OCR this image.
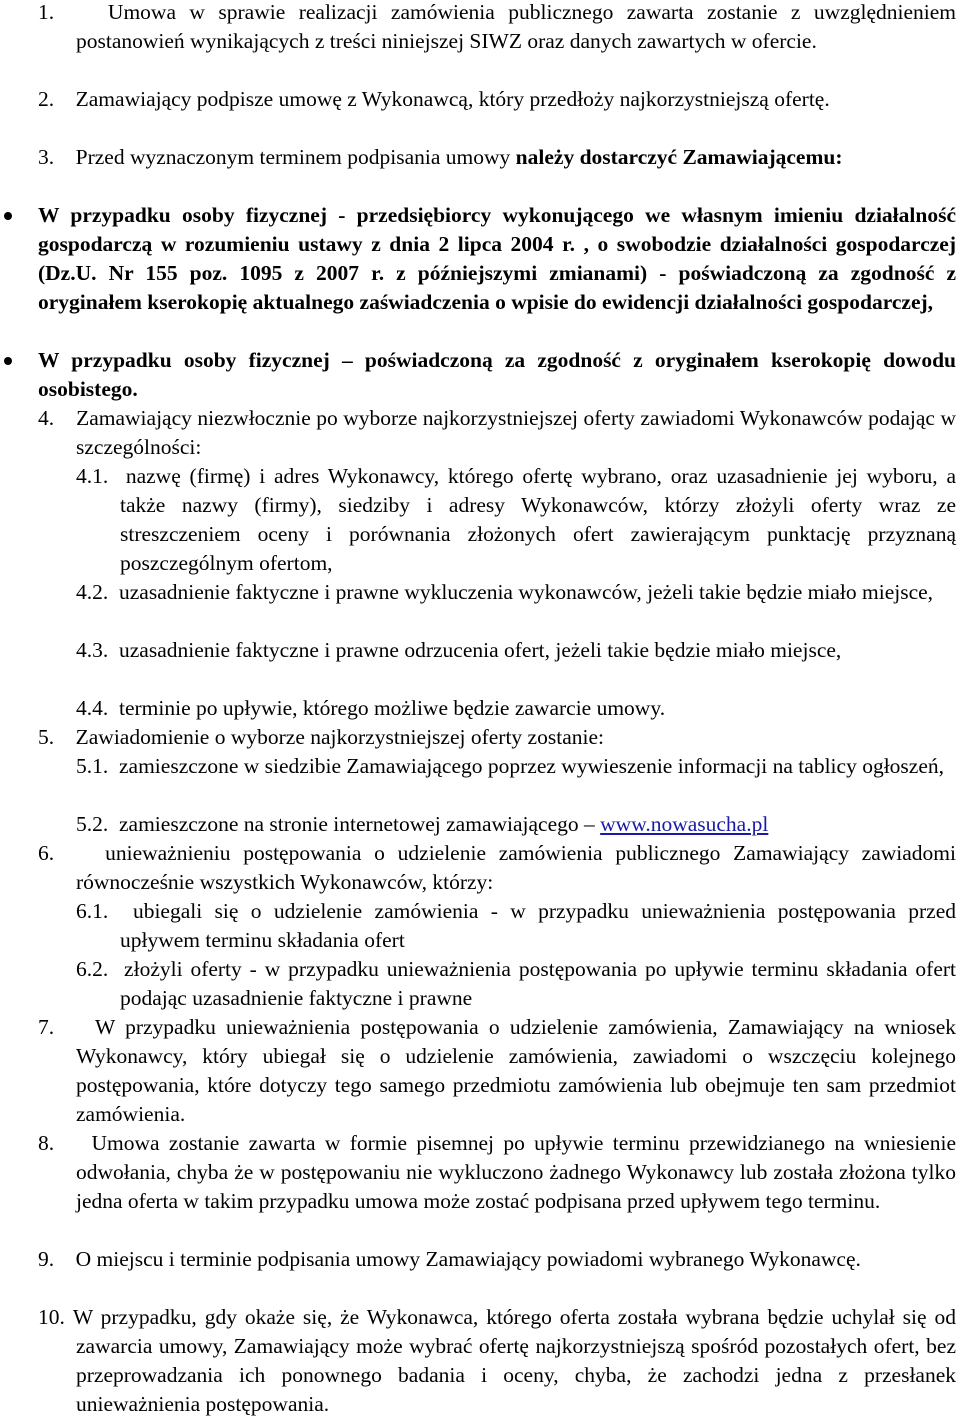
1.	Umowa w sprawie realizacji zamówienia publicznego zawarta zostanie z uwzględnieniem postanowień wynikających z treści niniejszej SIWZ oraz danych zawartych w ofercie.

2. Zamawiający podpisze umowę z Wykonawcą, który przedłoży najkorzystniejszą ofertę.

3. Przed wyznaczonym terminem podpisania umowy należy dostarczyć Zamawiającemu:

W przypadku osoby fizycznej - przedsiębiorcy wykonującego we własnym imieniu działalność gospodarczą w rozumieniu ustawy z dnia 2 lipca 2004 r. , o swobodzie działalności gospodarczej (Dz.U. Nr 155 poz. 1095 z 2007 r. z późniejszymi zmianami) - poświadczoną za zgodność z oryginałem kserokopię aktualnego zaświadczenia o wpisie do ewidencji działalności gospodarczej,
W przypadku osoby fizycznej – poświadczoną za zgodność z oryginałem kserokopię dowodu osobistego.

4. Zamawiający niezwłocznie po wyborze najkorzystniejszej oferty zawiadomi Wykonawców podając w szczególności:

4.1. nazwę (firmę) i adres Wykonawcy, którego ofertę wybrano, oraz uzasadnienie jej wyboru, a także nazwy (firmy), siedziby i adresy Wykonawców, którzy złożyli oferty wraz ze streszczeniem oceny i porównania złożonych ofert zawierającym punktację przyznaną poszczególnym ofertom,

4.2. uzasadnienie faktyczne i prawne wykluczenia wykonawców, jeżeli takie będzie miało miejsce,

4.3. uzasadnienie faktyczne i prawne odrzucenia ofert, jeżeli takie będzie miało miejsce,

4.4. terminie po upływie, którego możliwe będzie zawarcie umowy.

5. Zawiadomienie o wyborze najkorzystniejszej oferty zostanie:

5.1. zamieszczone w siedzibie Zamawiającego poprzez wywieszenie informacji na tablicy ogłoszeń,

5.2. zamieszczone na stronie internetowej zamawiającego – www.nowasucha.pl

6. unieważnieniu postępowania o udzielenie zamówienia publicznego Zamawiający zawiadomi równocześnie wszystkich Wykonawców, którzy:

6.1. ubiegali się o udzielenie zamówienia - w przypadku unieważnienia postępowania przed upływem terminu składania ofert

6.2. złożyli oferty - w przypadku unieważnienia postępowania po upływie terminu składania ofert podając uzasadnienie faktyczne i prawne

7. W przypadku unieważnienia postępowania o udzielenie zamówienia, Zamawiający na wniosek Wykonawcy, który ubiegał się o udzielenie zamówienia, zawiadomi o wszczęciu kolejnego postępowania, które dotyczy tego samego przedmiotu zamówienia lub obejmuje ten sam przedmiot zamówienia.

8. Umowa zostanie zawarta w formie pisemnej po upływie terminu przewidzianego na wniesienie odwołania, chyba że w postępowaniu nie wykluczono żadnego Wykonawcy lub została złożona tylko jedna oferta w takim przypadku umowa może zostać podpisana przed upływem tego terminu.

9. O miejscu i terminie podpisania umowy Zamawiający powiadomi wybranego Wykonawcę.

10. W przypadku, gdy okaże się, że Wykonawca, którego oferta została wybrana będzie uchylał się od zawarcia umowy, Zamawiający może wybrać ofertę najkorzystniejszą spośród pozostałych ofert, bez przeprowadzania ich ponownego badania i oceny, chyba, że zachodzi jedna z przesłanek unieważnienia postępowania.
